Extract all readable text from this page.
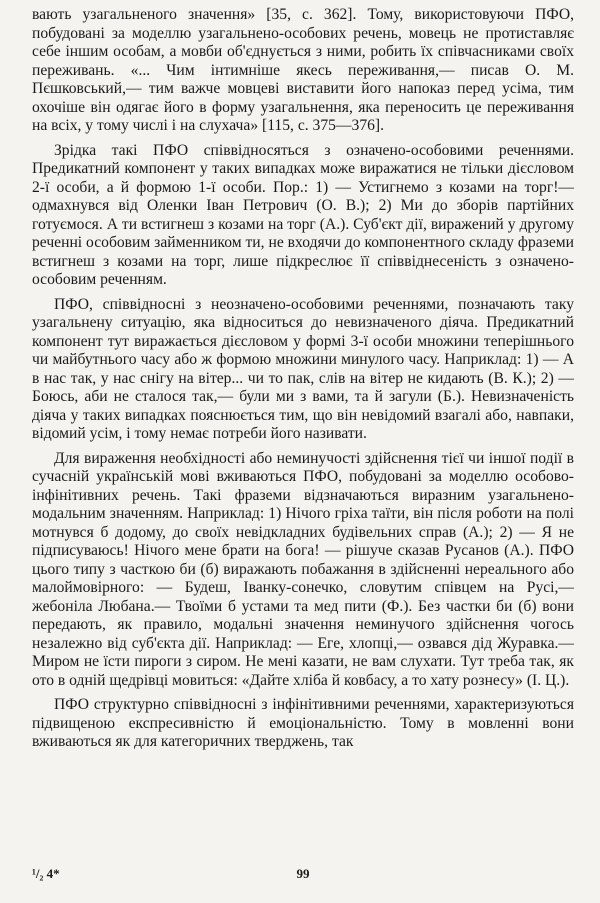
вають узагальненого значення» [35, с. 362]. Тому, використовуючи ПФО, побудовані за моделлю узагальнено-особових речень, мовець не протиставляє себе іншим особам, а мовби об'єднується з ними, робить їх співчасниками своїх переживань. «... Чим інтимніше якесь переживання,— писав О. М. Пєшковський,— тим важче мовцеві виставити його напоказ перед усіма, тим охочіше він одягає його в форму узагальнення, яка переносить це переживання на всіх, у тому числі і на слухача» [115, с. 375—376].

Зрідка такі ПФО співвідносяться з означено-особовими реченнями. Предикатний компонент у таких випадках може виражатися не тільки дієсловом 2-ї особи, а й формою 1-ї особи. Пор.: 1) — Устигнемо з козами на торг!— одмахнувся від Оленки Іван Петрович (О. В.); 2) Ми до зборів партійних готуємося. А ти встигнеш з козами на торг (А.). Суб'єкт дії, виражений у другому реченні особовим займенником ти, не входячи до компонентного складу фраземи встигнеш з козами на торг, лише підкреслює її співвіднесеність з означено-особовим реченням.

ПФО, співвідносні з неозначено-особовими реченнями, позначають таку узагальнену ситуацію, яка відноситься до невизначеного діяча. Предикатний компонент тут виражається дієсловом у формі 3-ї особи множини теперішнього чи майбутнього часу або ж формою множини минулого часу. Наприклад: 1) — А в нас так, у нас снігу на вітер... чи то пак, слів на вітер не кидають (В. К.); 2) — Боюсь, аби не сталося так,— були ми з вами, та й загули (Б.). Невизначеність діяча у таких випадках пояснюється тим, що він невідомий взагалі або, навпаки, відомий усім, і тому немає потреби його називати.

Для вираження необхідності або неминучості здійснення тієї чи іншої події в сучасній українській мові вживаються ПФО, побудовані за моделлю особово-інфінітивних речень. Такі фраземи відзначаються виразним узагальнено-модальним значенням. Наприклад: 1) Нічого гріха таїти, він після роботи на полі мотнувся б додому, до своїх невідкладних будівельних справ (А.); 2) — Я не підписуваюсь! Нічого мене брати на бога! — рішуче сказав Русанов (А.). ПФО цього типу з часткою би (б) виражають побажання в здійсненні нереального або малоймовірного: — Будеш, Іванку-сонечко, словутим співцем на Русі,— жебоніла Любана.— Твоїми б устами та мед пити (Ф.). Без частки би (б) вони передають, як правило, модальні значення неминучого здійснення чогось незалежно від суб'єкта дії. Наприклад: — Еге, хлопці,— озвався дід Журавка.— Миром не їсти пироги з сиром. Не мені казати, не вам слухати. Тут треба так, як ото в одній щедрівці мовиться: «Дайте хліба й ковбасу, а то хату рознесу» (І. Ц.).

ПФО структурно співвідносні з інфінітивними реченнями, характеризуються підвищеною експресивністю й емоціональністю. Тому в мовленні вони вживаються як для категоричних тверджень, так

¹/₂ 4*	99
